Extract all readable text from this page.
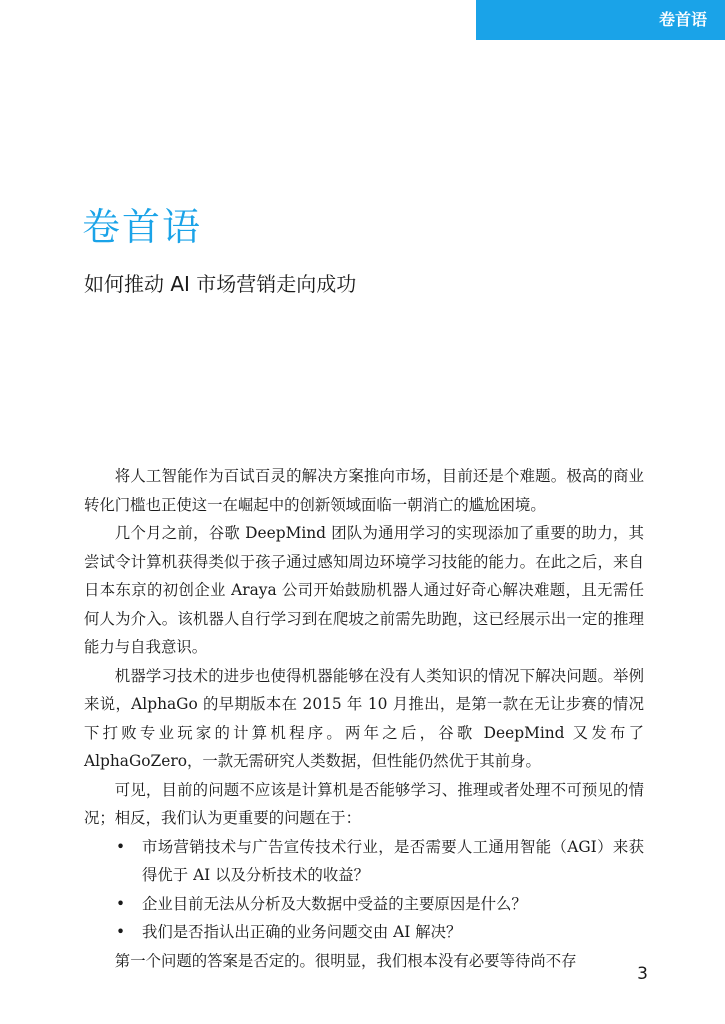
卷首语
卷首语
如何推动 AI 市场营销走向成功

将人工智能作为百试百灵的解决方案推向市场，目前还是个难题。极高的商业转化门槛也正使这一在崛起中的创新领域面临一朝消亡的尴尬困境。

几个月之前，谷歌 DeepMind 团队为通用学习的实现添加了重要的助力，其尝试令计算机获得类似于孩子通过感知周边环境学习技能的能力。在此之后，来自日本东京的初创企业 Araya 公司开始鼓励机器人通过好奇心解决难题，且无需任何人为介入。该机器人自行学习到在爬坡之前需先助跑，这已经展示出一定的推理能力与自我意识。

机器学习技术的进步也使得机器能够在没有人类知识的情况下解决问题。举例来说，AlphaGo 的早期版本在 2015 年 10 月推出，是第一款在无让步赛的情况下打败专业玩家的计算机程序。两年之后，谷歌 DeepMind 又发布了 AlphaGoZero，一款无需研究人类数据，但性能仍然优于其前身。

可见，目前的问题不应该是计算机是否能够学习、推理或者处理不可预见的情况；相反，我们认为更重要的问题在于：

• 市场营销技术与广告宣传技术行业，是否需要人工通用智能（AGI）来获得优于 AI 以及分析技术的收益？
• 企业目前无法从分析及大数据中受益的主要原因是什么？
• 我们是否指认出正确的业务问题交由 AI 解决？

第一个问题的答案是否定的。很明显，我们根本没有必要等待尚不存

3
